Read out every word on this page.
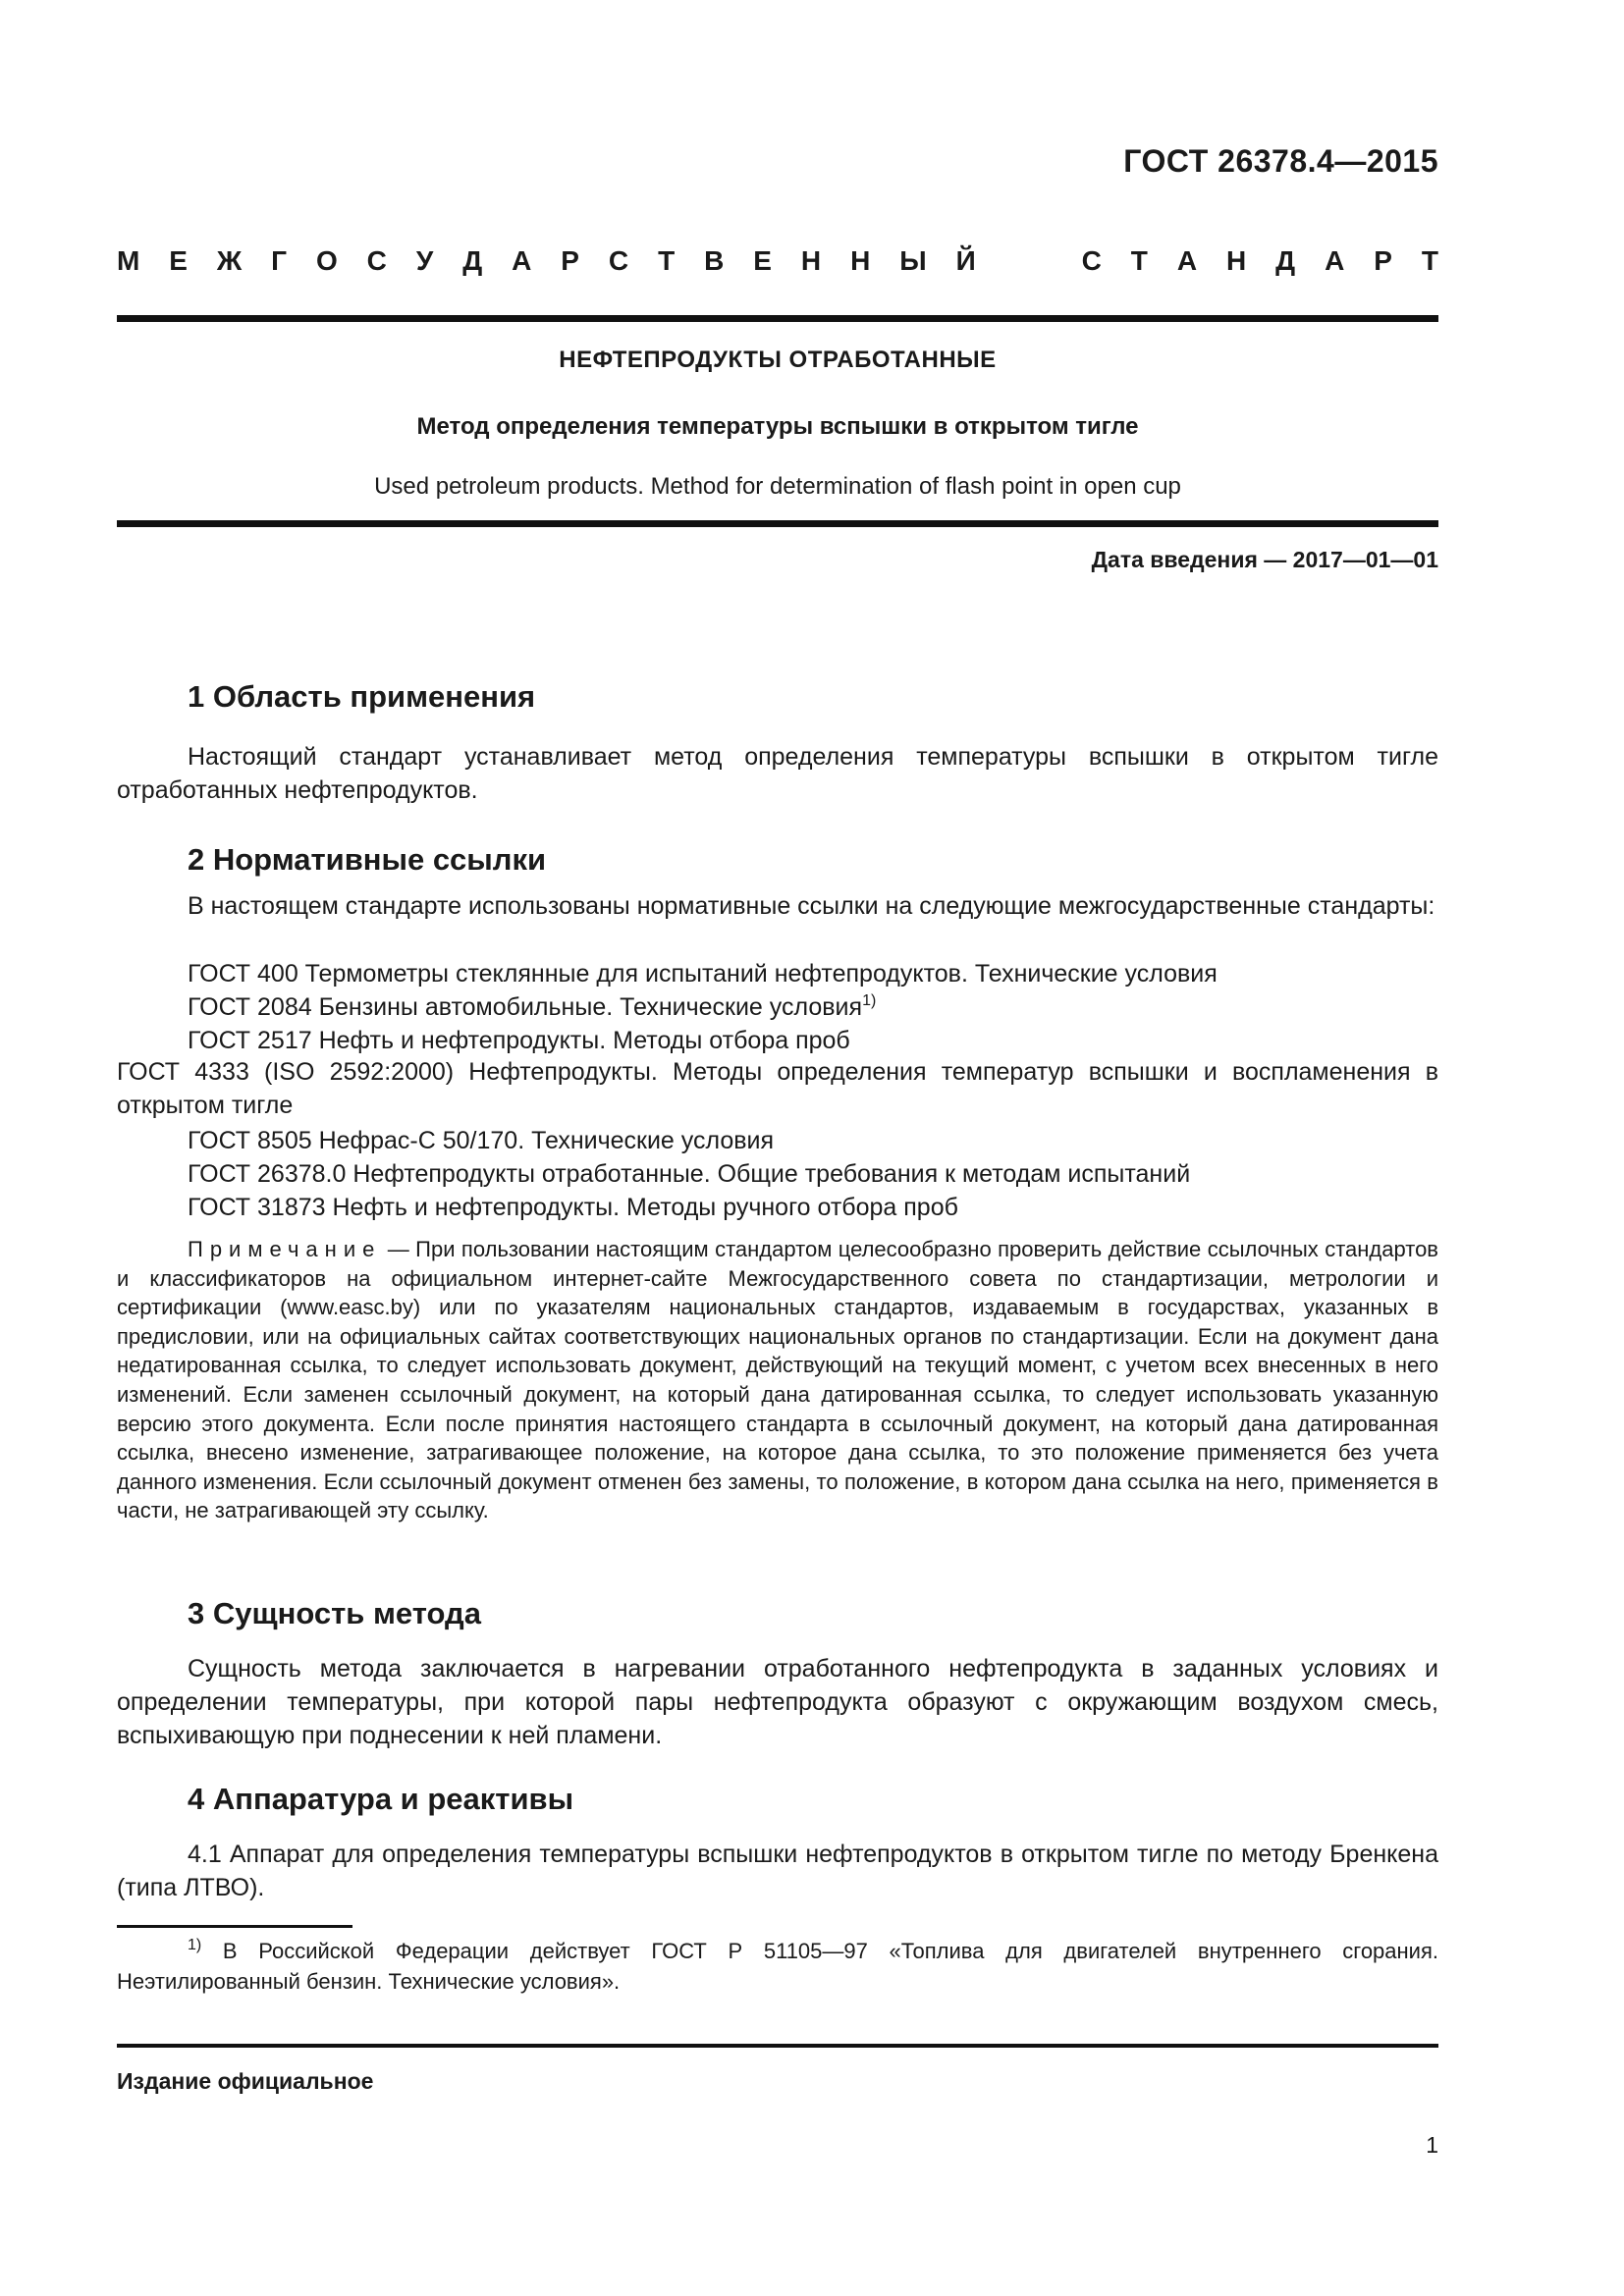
ГОСТ 26378.4—2015
М Е Ж Г О С У Д А Р С Т В Е Н Н Ы Й	С Т А Н Д А Р Т
НЕФТЕПРОДУКТЫ ОТРАБОТАННЫЕ
Метод определения температуры вспышки в открытом тигле
Used petroleum products. Method for determination of flash point in open cup
Дата введения — 2017—01—01
1 Область применения

Настоящий стандарт устанавливает метод определения температуры вспышки в открытом тигле отработанных нефтепродуктов.

2 Нормативные ссылки

В настоящем стандарте использованы нормативные ссылки на следующие межгосударственные стандарты:

ГОСТ 400 Термометры стеклянные для испытаний нефтепродуктов. Технические условия
ГОСТ 2084 Бензины автомобильные. Технические условия$^{1)}$
ГОСТ 2517 Нефть и нефтепродукты. Методы отбора проб

ГОСТ 4333 (ISO 2592:2000) Нефтепродукты. Методы определения температур вспышки и воспламенения в открытом тигле

ГОСТ 8505 Нефрас-С 50/170. Технические условия
ГОСТ 26378.0 Нефтепродукты отработанные. Общие требования к методам испытаний
ГОСТ 31873 Нефть и нефтепродукты. Методы ручного отбора проб

Примечание — При пользовании настоящим стандартом целесообразно проверить действие ссылочных стандартов и классификаторов на официальном интернет-сайте Межгосударственного совета по стандартизации, метрологии и сертификации (www.easc.by) или по указателям национальных стандартов, издаваемым в государствах, указанных в предисловии, или на официальных сайтах соответствующих национальных органов по стандартизации. Если на документ дана недатированная ссылка, то следует использовать документ, действующий на текущий момент, с учетом всех внесенных в него изменений. Если заменен ссылочный документ, на который дана датированная ссылка, то следует использовать указанную версию этого документа. Если после принятия настоящего стандарта в ссылочный документ, на который дана датированная ссылка, внесено изменение, затрагивающее положение, на которое дана ссылка, то это положение применяется без учета данного изменения. Если ссылочный документ отменен без замены, то положение, в котором дана ссылка на него, применяется в части, не затрагивающей эту ссылку.

3 Сущность метода

Сущность метода заключается в нагревании отработанного нефтепродукта в заданных условиях и определении температуры, при которой пары нефтепродукта образуют с окружающим воздухом смесь, вспыхивающую при поднесении к ней пламени.

4 Аппаратура и реактивы

4.1 Аппарат для определения температуры вспышки нефтепродуктов в открытом тигле по методу Бренкена (типа ЛТВО).

$^{1)}$ В Российской Федерации действует ГОСТ Р 51105—97 «Топлива для двигателей внутреннего сгорания. Неэтилированный бензин. Технические условия».

Издание официальное
1
